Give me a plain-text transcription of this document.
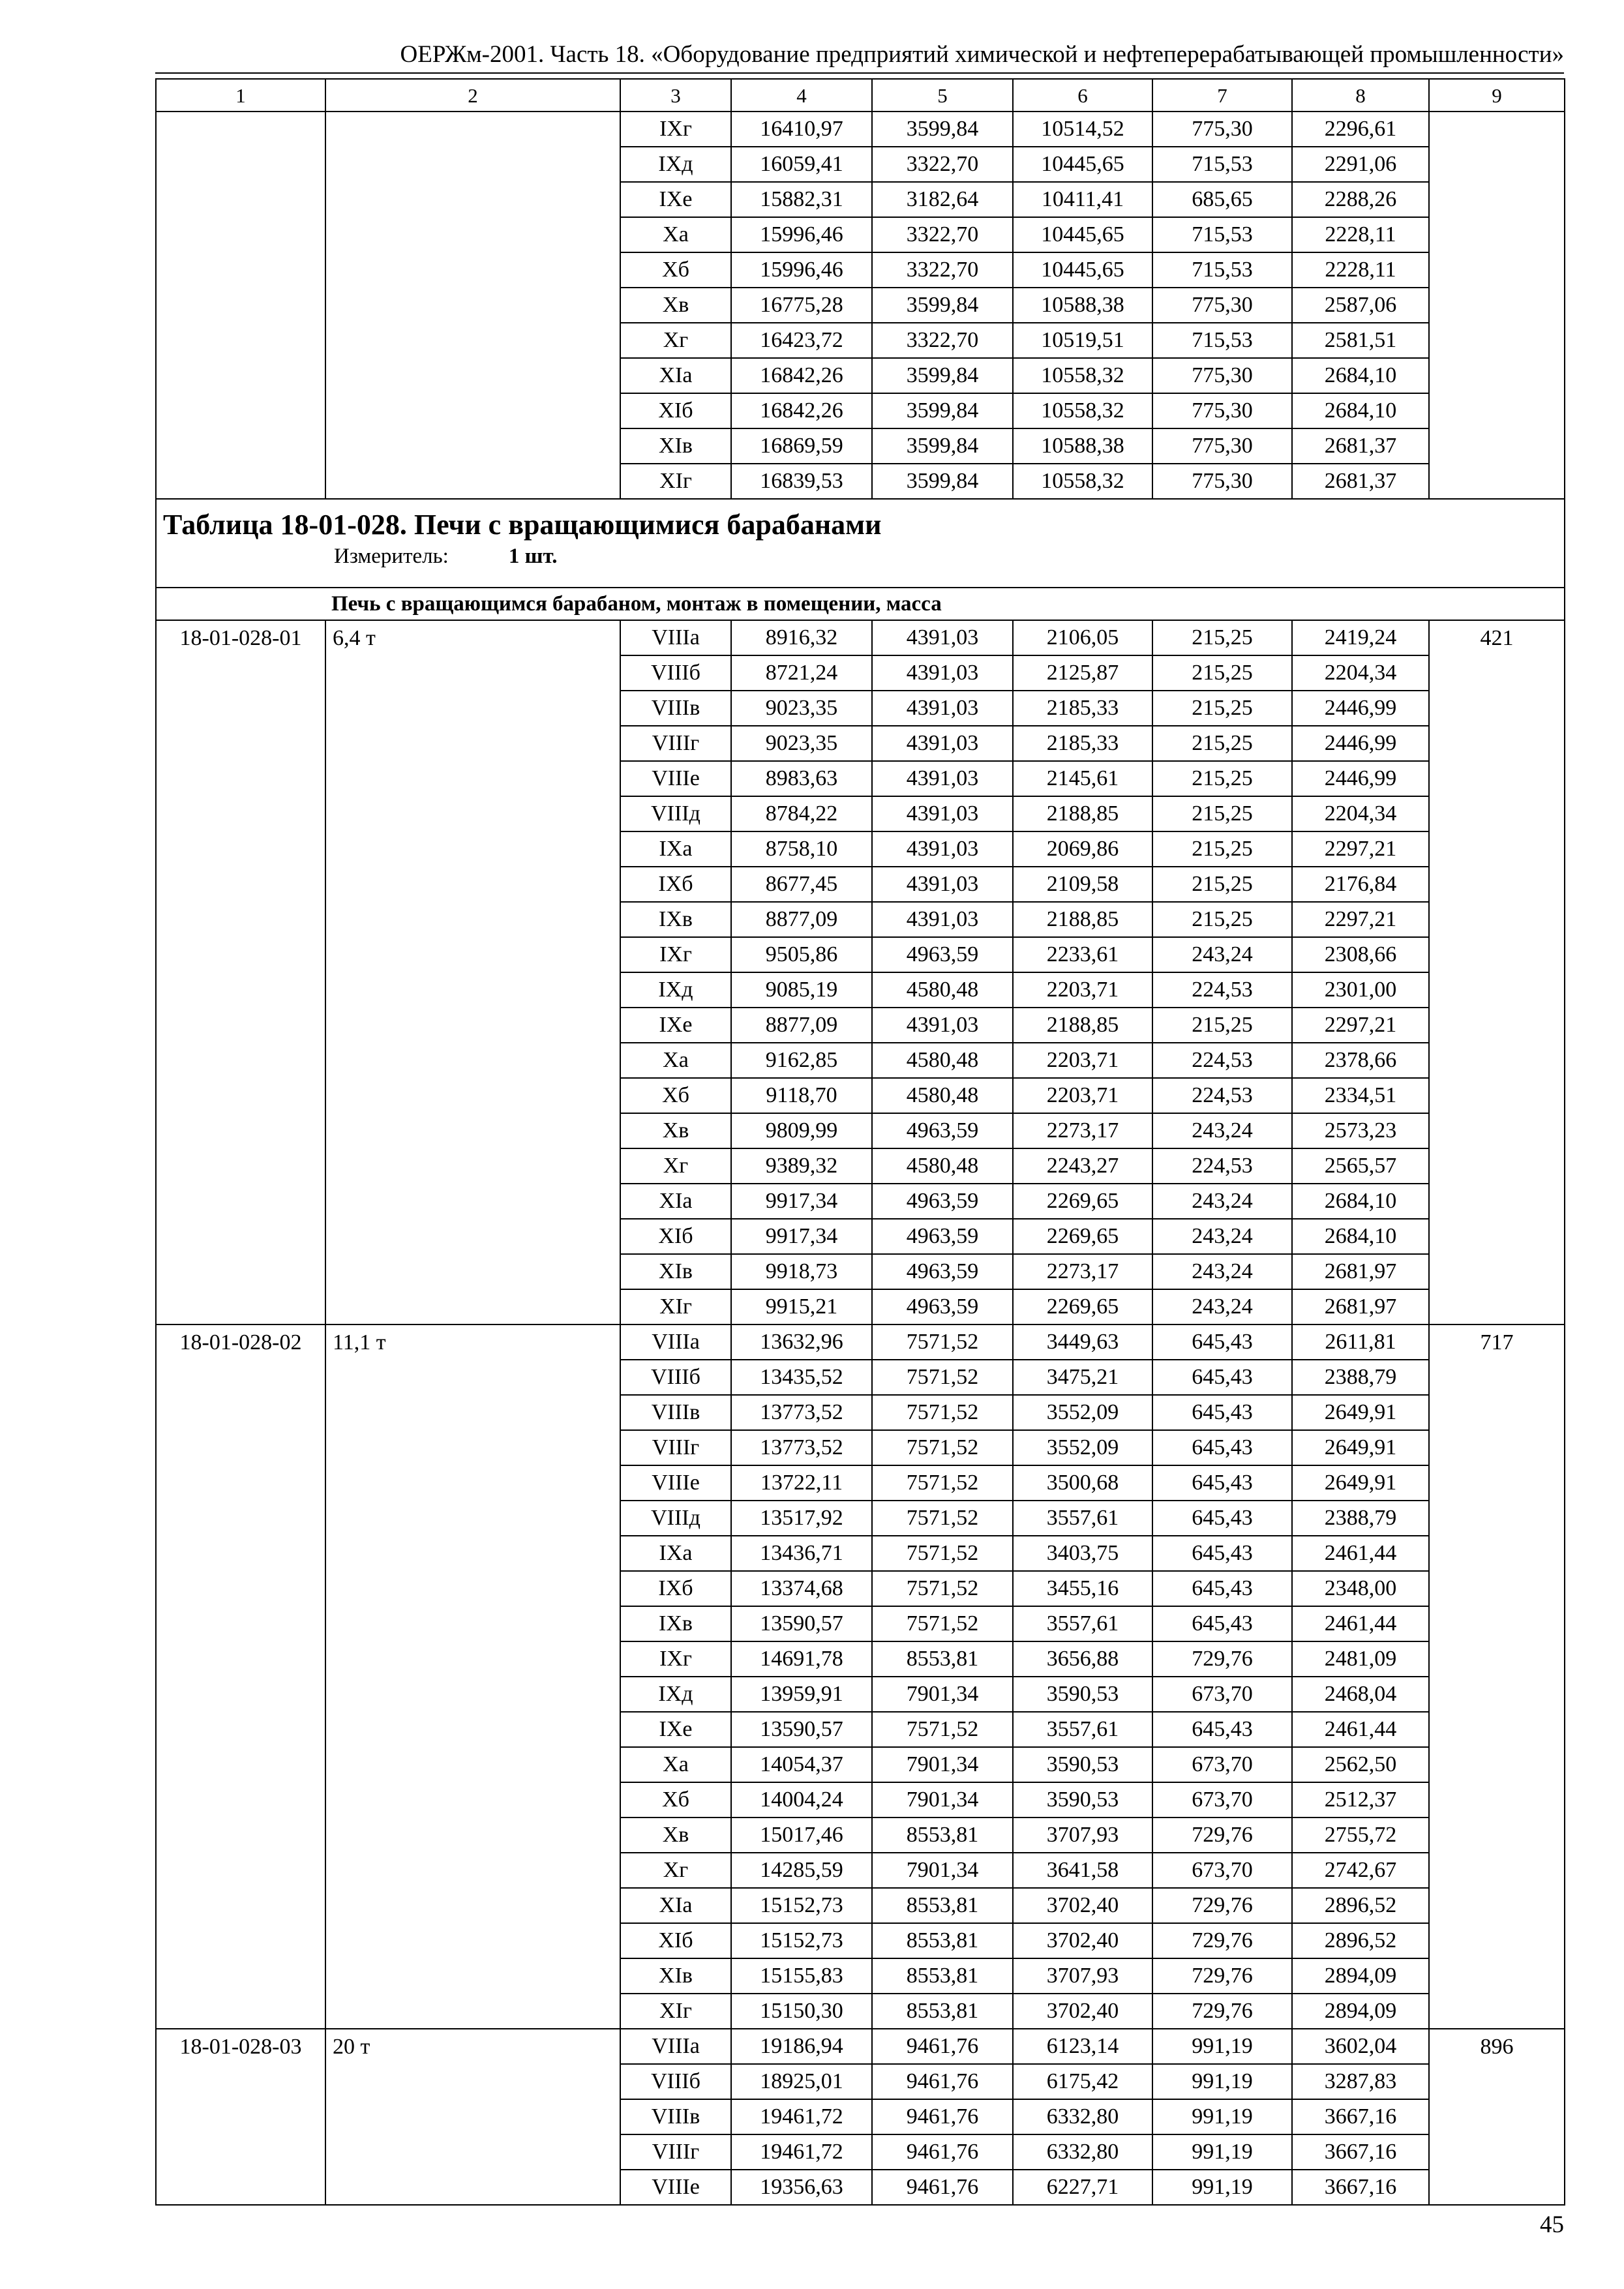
ОЕРЖм-2001. Часть 18. «Оборудование предприятий химической и нефтеперерабатывающей промышленности»
1	2	3	4	5	6	7	8	9
		IXг	16410,97	3599,84	10514,52	775,30	2296,61	
		IXд	16059,41	3322,70	10445,65	715,53	2291,06	
		IXе	15882,31	3182,64	10411,41	685,65	2288,26	
		Xа	15996,46	3322,70	10445,65	715,53	2228,11	
		Xб	15996,46	3322,70	10445,65	715,53	2228,11	
		Xв	16775,28	3599,84	10588,38	775,30	2587,06	
		Xг	16423,72	3322,70	10519,51	715,53	2581,51	
		XIа	16842,26	3599,84	10558,32	775,30	2684,10	
		XIб	16842,26	3599,84	10558,32	775,30	2684,10	
		XIв	16869,59	3599,84	10588,38	775,30	2681,37	
		XIг	16839,53	3599,84	10558,32	775,30	2681,37	

Таблица 18-01-028. Печи с вращающимися барабанами
Измеритель: 1 шт.								

Печь с вращающимся барабаном, монтаж в помещении, масса								
18-01-028-01	6,4 т	VIIIа	8916,32	4391,03	2106,05	215,25	2419,24	421
		VIIIб	8721,24	4391,03	2125,87	215,25	2204,34	
		VIIIв	9023,35	4391,03	2185,33	215,25	2446,99	
		VIIIг	9023,35	4391,03	2185,33	215,25	2446,99	
		VIIIе	8983,63	4391,03	2145,61	215,25	2446,99	
		VIIIд	8784,22	4391,03	2188,85	215,25	2204,34	
		IXа	8758,10	4391,03	2069,86	215,25	2297,21	
		IXб	8677,45	4391,03	2109,58	215,25	2176,84	
		IXв	8877,09	4391,03	2188,85	215,25	2297,21	
		IXг	9505,86	4963,59	2233,61	243,24	2308,66	
		IXд	9085,19	4580,48	2203,71	224,53	2301,00	
		IXе	8877,09	4391,03	2188,85	215,25	2297,21	
		Xа	9162,85	4580,48	2203,71	224,53	2378,66	
		Xб	9118,70	4580,48	2203,71	224,53	2334,51	
		Xв	9809,99	4963,59	2273,17	243,24	2573,23	
		Xг	9389,32	4580,48	2243,27	224,53	2565,57	
		XIа	9917,34	4963,59	2269,65	243,24	2684,10	
		XIб	9917,34	4963,59	2269,65	243,24	2684,10	
		XIв	9918,73	4963,59	2273,17	243,24	2681,97	
		XIг	9915,21	4963,59	2269,65	243,24	2681,97	
18-01-028-02	11,1 т	VIIIа	13632,96	7571,52	3449,63	645,43	2611,81	717
		VIIIб	13435,52	7571,52	3475,21	645,43	2388,79	
		VIIIв	13773,52	7571,52	3552,09	645,43	2649,91	
		VIIIг	13773,52	7571,52	3552,09	645,43	2649,91	
		VIIIе	13722,11	7571,52	3500,68	645,43	2649,91	
		VIIIд	13517,92	7571,52	3557,61	645,43	2388,79	
		IXа	13436,71	7571,52	3403,75	645,43	2461,44	
		IXб	13374,68	7571,52	3455,16	645,43	2348,00	
		IXв	13590,57	7571,52	3557,61	645,43	2461,44	
		IXг	14691,78	8553,81	3656,88	729,76	2481,09	
		IXд	13959,91	7901,34	3590,53	673,70	2468,04	
		IXе	13590,57	7571,52	3557,61	645,43	2461,44	
		Xа	14054,37	7901,34	3590,53	673,70	2562,50	
		Xб	14004,24	7901,34	3590,53	673,70	2512,37	
		Xв	15017,46	8553,81	3707,93	729,76	2755,72	
		Xг	14285,59	7901,34	3641,58	673,70	2742,67	
		XIа	15152,73	8553,81	3702,40	729,76	2896,52	
		XIб	15152,73	8553,81	3702,40	729,76	2896,52	
		XIв	15155,83	8553,81	3707,93	729,76	2894,09	
		XIг	15150,30	8553,81	3702,40	729,76	2894,09	
18-01-028-03	20 т	VIIIа	19186,94	9461,76	6123,14	991,19	3602,04	896
		VIIIб	18925,01	9461,76	6175,42	991,19	3287,83	
		VIIIв	19461,72	9461,76	6332,80	991,19	3667,16	
		VIIIг	19461,72	9461,76	6332,80	991,19	3667,16	
		VIIIе	19356,63	9461,76	6227,71	991,19	3667,16	
45
